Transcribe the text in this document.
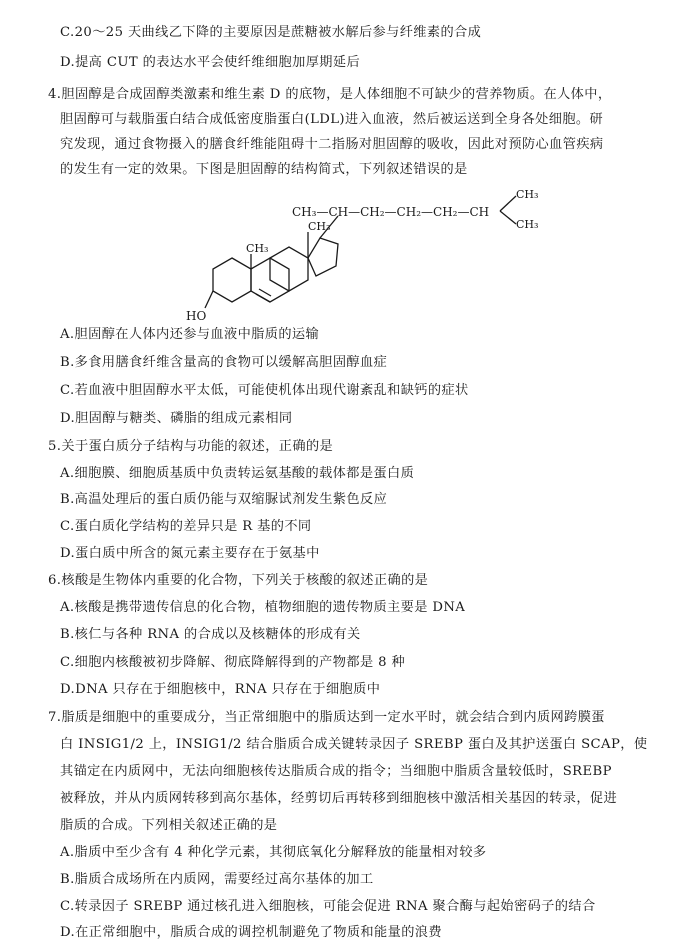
C.20～25 天曲线乙下降的主要原因是蔗糖被水解后参与纤维素的合成
D.提高 CUT 的表达水平会使纤维细胞加厚期延后
4.胆固醇是合成固醇类激素和维生素 D 的底物，是人体细胞不可缺少的营养物质。在人体中，
胆固醇可与载脂蛋白结合成低密度脂蛋白(LDL)进入血液，然后被运送到全身各处细胞。研
究发现，通过食物摄入的膳食纤维能阻碍十二指肠对胆固醇的吸收，因此对预防心血管疾病
的发生有一定的效果。下图是胆固醇的结构简式，下列叙述错误的是
CH₃—CH—CH₂—CH₂—CH₂—CH
CH₃
CH₃
CH₃
CH₃
HO
A.胆固醇在人体内还参与血液中脂质的运输
B.多食用膳食纤维含量高的食物可以缓解高胆固醇血症
C.若血液中胆固醇水平太低，可能使机体出现代谢紊乱和缺钙的症状
D.胆固醇与糖类、磷脂的组成元素相同
5.关于蛋白质分子结构与功能的叙述，正确的是
A.细胞膜、细胞质基质中负责转运氨基酸的载体都是蛋白质
B.高温处理后的蛋白质仍能与双缩脲试剂发生紫色反应
C.蛋白质化学结构的差异只是 R 基的不同
D.蛋白质中所含的氮元素主要存在于氨基中
6.核酸是生物体内重要的化合物，下列关于核酸的叙述正确的是
A.核酸是携带遗传信息的化合物，植物细胞的遗传物质主要是 DNA
B.核仁与各种 RNA 的合成以及核糖体的形成有关
C.细胞内核酸被初步降解、彻底降解得到的产物都是 8 种
D.DNA 只存在于细胞核中，RNA 只存在于细胞质中
7.脂质是细胞中的重要成分，当正常细胞中的脂质达到一定水平时，就会结合到内质网跨膜蛋
白 INSIG1/2 上，INSIG1/2 结合脂质合成关键转录因子 SREBP 蛋白及其护送蛋白 SCAP，使
其锚定在内质网中，无法向细胞核传达脂质合成的指令；当细胞中脂质含量较低时，SREBP
被释放，并从内质网转移到高尔基体，经剪切后再转移到细胞核中激活相关基因的转录，促进
脂质的合成。下列相关叙述正确的是
A.脂质中至少含有 4 种化学元素，其彻底氧化分解释放的能量相对较多
B.脂质合成场所在内质网，需要经过高尔基体的加工
C.转录因子 SREBP 通过核孔进入细胞核，可能会促进 RNA 聚合酶与起始密码子的结合
D.在正常细胞中，脂质合成的调控机制避免了物质和能量的浪费
